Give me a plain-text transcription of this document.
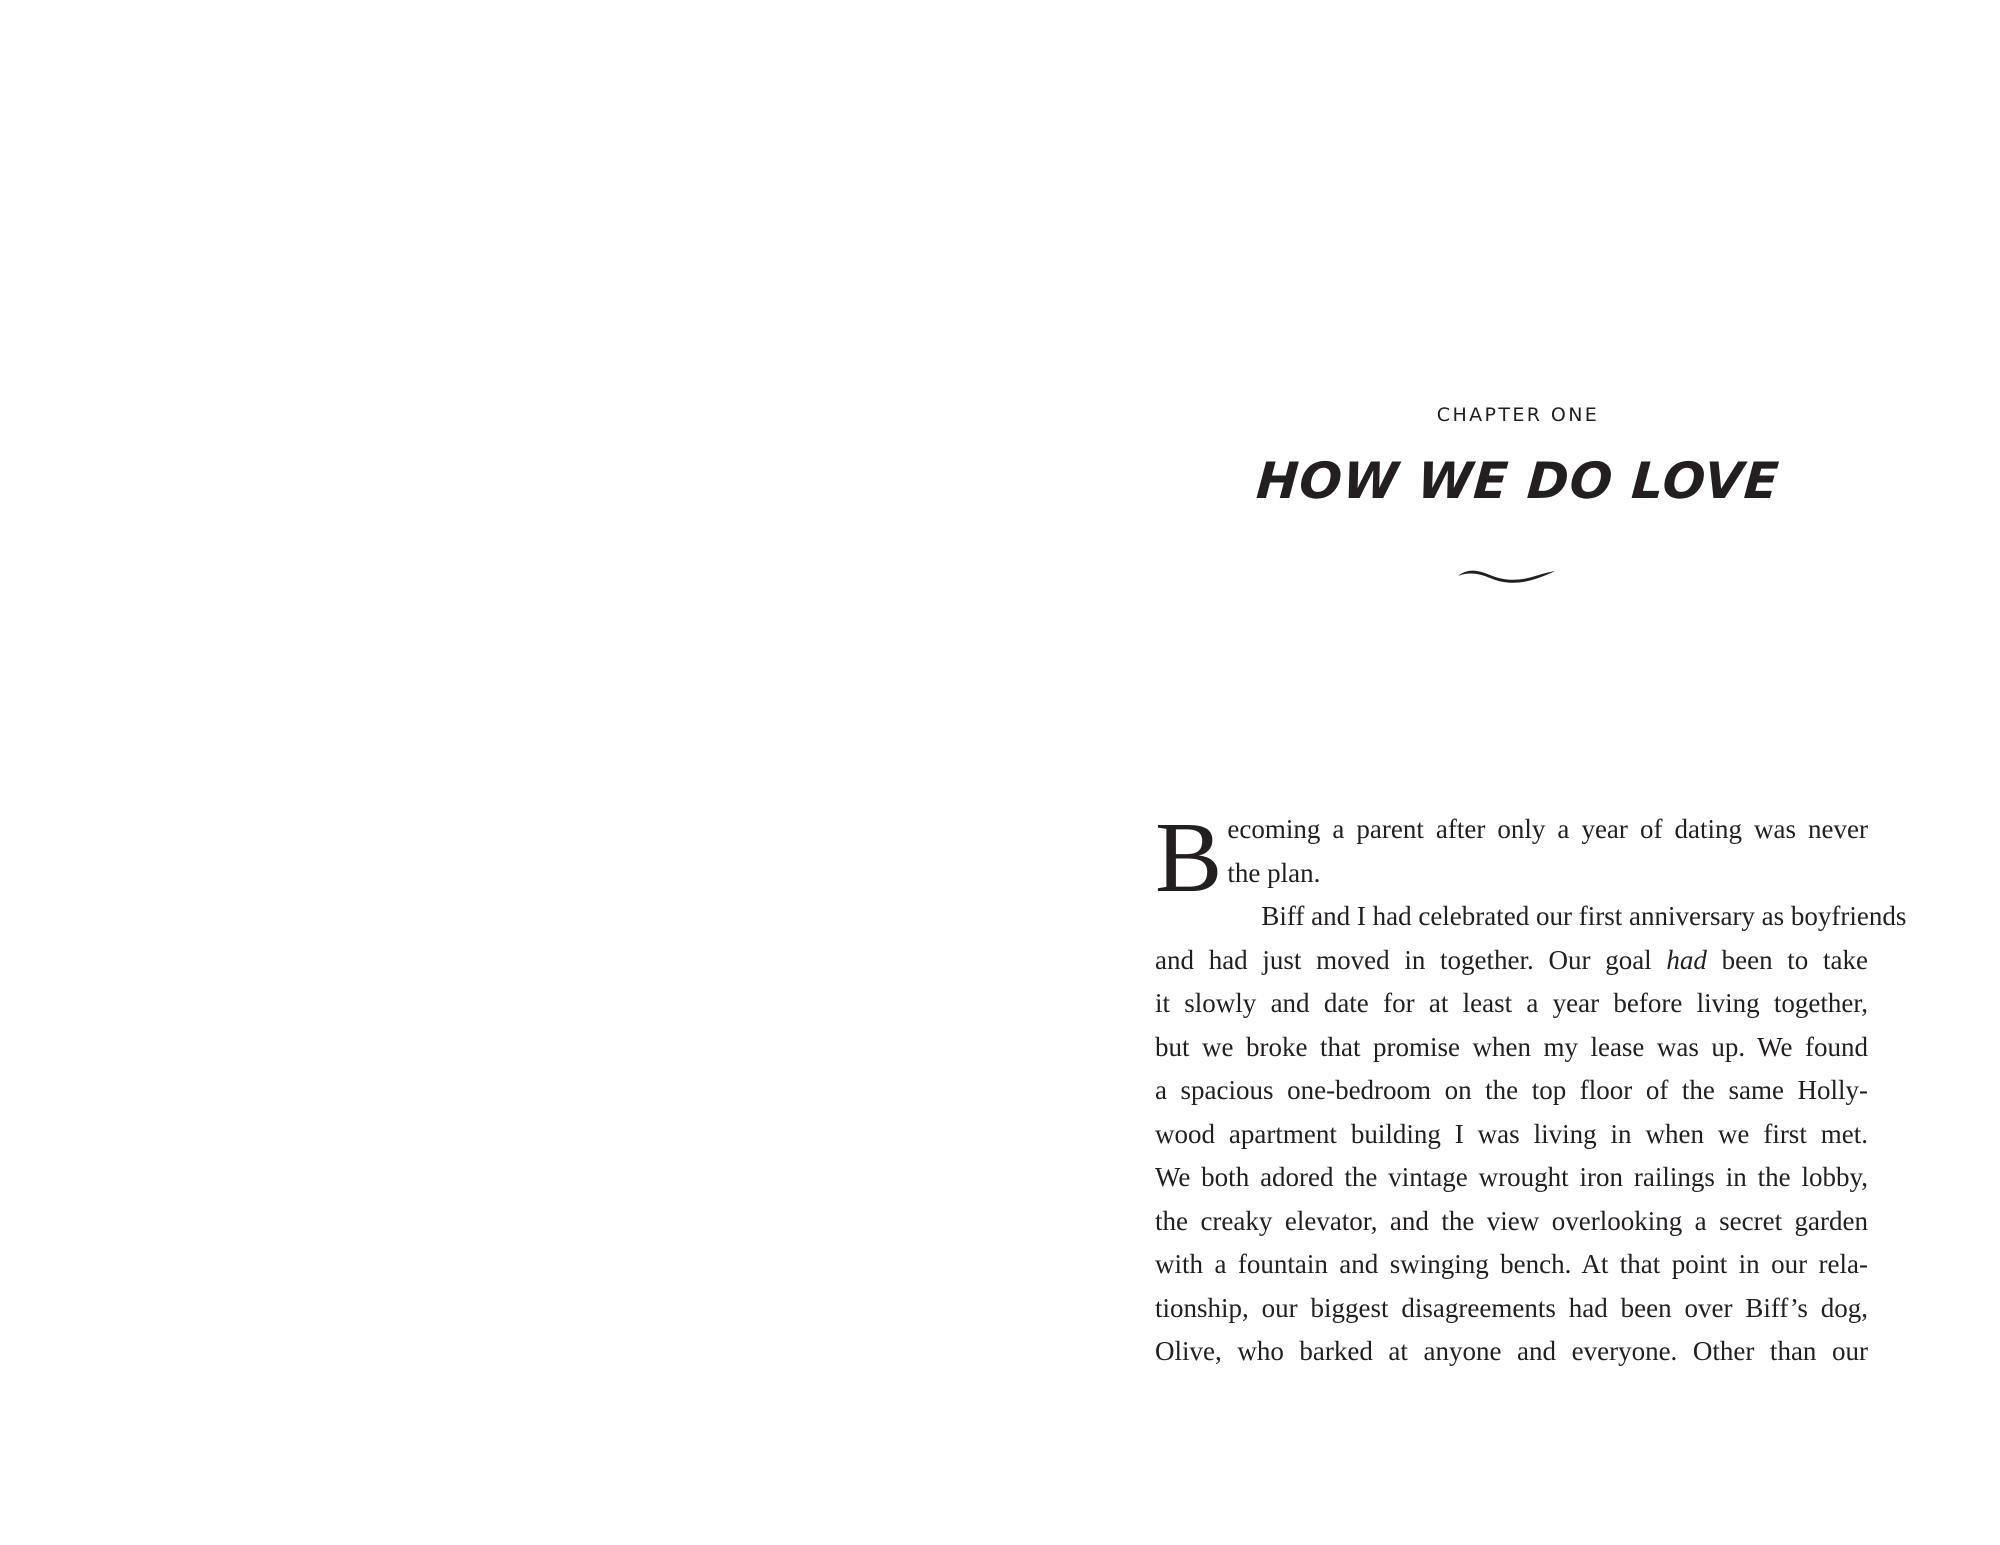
CHAPTER ONE
HOW WE DO LOVE
B ecoming a parent after only a year of dating was never
the plan.
Biff and I had celebrated our first anniversary as boyfriends
and had just moved in together. Our goal had been to take
it slowly and date for at least a year before living together,
but we broke that promise when my lease was up. We found
a spacious one-bedroom on the top floor of the same Holly-
wood apartment building I was living in when we first met.
We both adored the vintage wrought iron railings in the lobby,
the creaky elevator, and the view overlooking a secret garden
with a fountain and swinging bench. At that point in our rela-
tionship, our biggest disagreements had been over Biff’s dog,
Olive, who barked at anyone and everyone. Other than our
